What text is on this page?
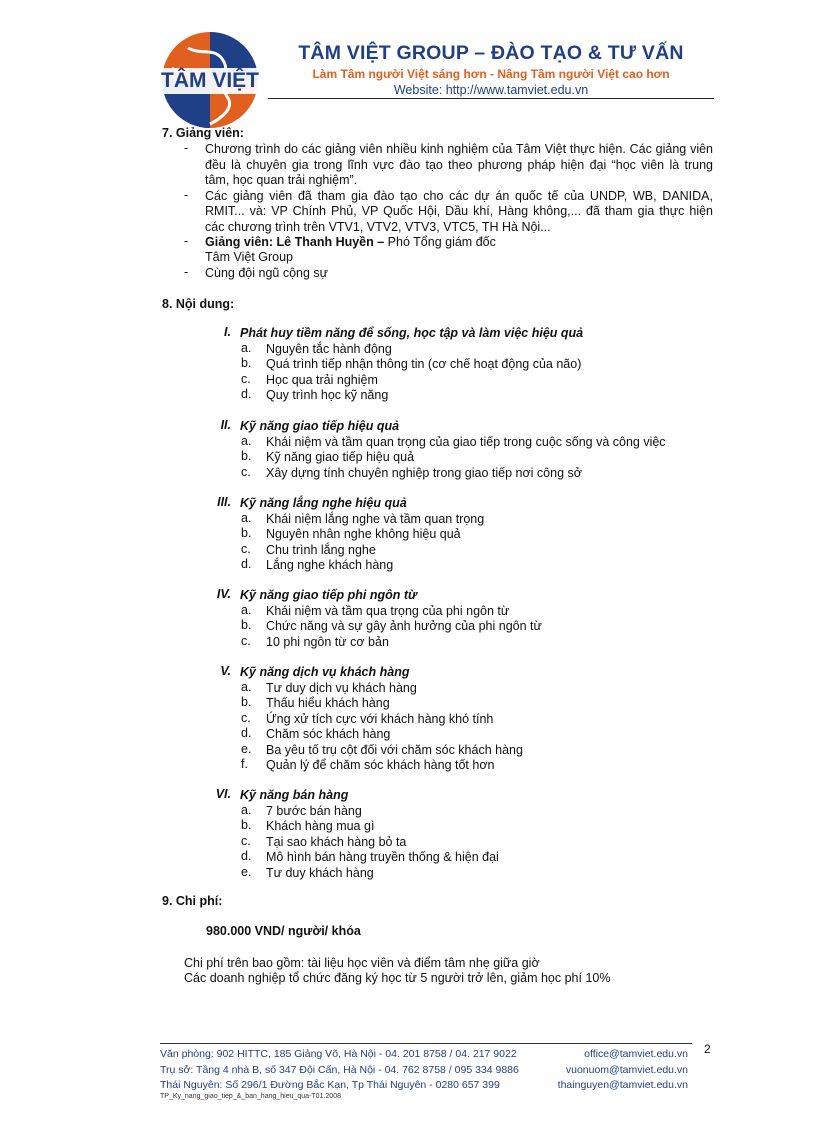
TÂM VIỆT
TÂM VIỆT GROUP – ĐÀO TẠO & TƯ VẤN
Làm Tâm người Việt sáng hơn - Nâng Tầm người Việt cao hơn
Website: http://www.tamviet.edu.vn
7. Giảng viên:
-	Chương trình do các giảng viên nhiều kinh nghiệm của Tâm Việt thực hiện. Các giảng viên
đều là chuyên gia trong lĩnh vực đào tạo theo phương pháp hiện đại “học viên là trung
tâm, học quan trải nghiệm”.
-	Các giảng viên đã tham gia đào tạo cho các dự án quốc tế của UNDP, WB, DANIDA,
RMIT... và: VP Chính Phủ, VP Quốc Hội, Dầu khí, Hàng không,... đã tham gia thực hiện
các chương trình trên VTV1, VTV2, VTV3, VTC5, TH Hà Nội...
-	Giảng viên: Lê Thanh Huyền – Phó Tổng giám đốc
Tâm Việt Group
-	Cùng đội ngũ cộng sự
8. Nội dung:
I. Phát huy tiềm năng để sống, học tập và làm việc hiệu quả
a. Nguyên tắc hành động
b. Quá trình tiếp nhận thông tin (cơ chế hoạt động của não)
c.	Học qua trải nghiệm
d. Quy trình học kỹ năng
II. Kỹ năng giao tiếp hiệu quả
a. Khái niệm và tầm quan trọng của giao tiếp trong cuộc sống và công việc
b. Kỹ năng giao tiếp hiệu quả
c.	Xây dựng tính chuyên nghiệp trong giao tiếp nơi công sở
III. Kỹ năng lắng nghe hiệu quả
a. Khái niệm lắng nghe và tầm quan trọng
b. Nguyên nhân nghe không hiệu quả
c.	Chu trình lắng nghe
d. Lắng nghe khách hàng
IV. Kỹ năng giao tiếp phi ngôn từ
a. Khái niệm và tầm qua trọng của phi ngôn từ
b. Chức năng và sự gây ảnh hưởng của phi ngôn từ
c.	10 phi ngôn từ cơ bản
V. Kỹ năng dịch vụ khách hàng
a. Tư duy dịch vụ khách hàng
b. Thấu hiểu khách hàng
c.	Ứng xử tích cực với khách hàng khó tính
d. Chăm sóc khách hàng
e. Ba yêu tố trụ cột đối với chăm sóc khách hàng
f.	Quản lý để chăm sóc khách hàng tốt hơn
VI. Kỹ năng bán hàng
a. 7 bước bán hàng
b. Khách hàng mua gì
c.	Tại sao khách hàng bỏ ta
d. Mô hình bán hàng truyền thống & hiện đại
e. Tư duy khách hàng
9. Chi phí:
980.000 VND/ người/ khóa
Chi phí trên bao gồm: tài liệu học viên và điểm tâm nhẹ giữa giờ
Các doanh nghiệp tổ chức đăng ký học từ 5 người trở lên, giảm học phí 10%
2
Văn phòng: 902 HITTC, 185 Giảng Võ, Hà Nội - 04. 201 8758 / 04. 217 9022	office@tamviet.edu.vn
Trụ sở: Tầng 4 nhà B, số 347 Đội Cấn, Hà Nội - 04. 762 8758 / 095 334 9886	vuonuom@tamviet.edu.vn
Thái Nguyên: Số 296/1 Đường Bắc Kạn, Tp Thái Nguyên - 0280 657 399	thainguyen@tamviet.edu.vn
TP_Ky_nang_giao_tiep_&_ban_hang_hieu_qua-T01.2008
